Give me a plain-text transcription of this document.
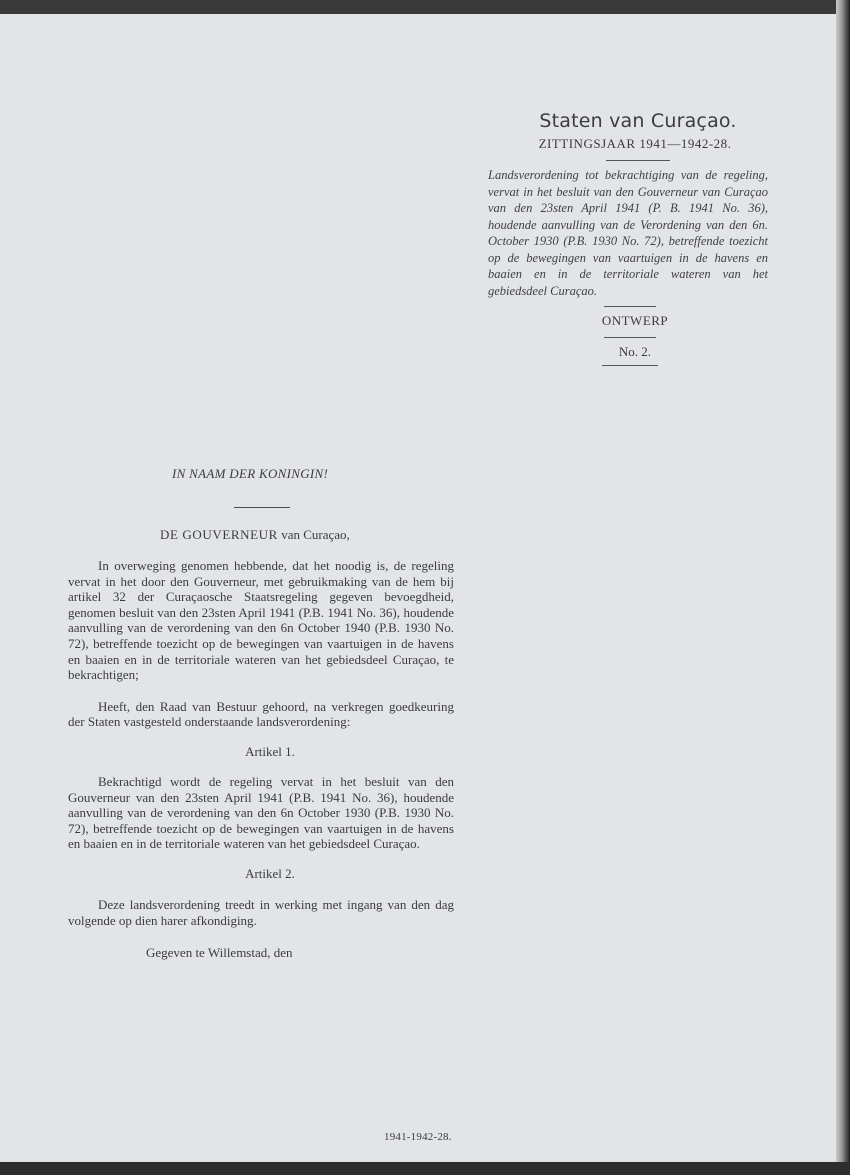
Staten van Curaçao.
ZITTINGSJAAR 1941—1942-28.
Landsverordening tot bekrachtiging van de regeling, vervat in het besluit van den Gouverneur van Curaçao van den 23sten April 1941 (P. B. 1941 No. 36), houdende aanvulling van de Verordening van den 6n. October 1930 (P.B. 1930 No. 72), betreffende toezicht op de bewegingen van vaartuigen in de havens en baaien en in de territoriale wateren van het gebiedsdeel Curaçao.
ONTWERP
No. 2.
IN NAAM DER KONINGIN!
DE GOUVERNEUR van Curaçao,

In overweging genomen hebbende, dat het noodig is, de regeling vervat in het door den Gouverneur, met gebruikmaking van de hem bij artikel 32 der Curaçaosche Staatsregeling gegeven bevoegdheid, genomen besluit van den 23sten April 1941 (P.B. 1941 No. 36), houdende aanvulling van de verordening van den 6n October 1940 (P.B. 1930 No. 72), betreffende toezicht op de bewegingen van vaartuigen in de havens en baaien en in de territoriale wateren van het gebiedsdeel Curaçao, te bekrachtigen;

Heeft, den Raad van Bestuur gehoord, na verkregen goedkeuring der Staten vastgesteld onderstaande landsverordening:

Artikel 1.

Bekrachtigd wordt de regeling vervat in het besluit van den Gouverneur van den 23sten April 1941 (P.B. 1941 No. 36), houdende aanvulling van de verordening van den 6n October 1930 (P.B. 1930 No. 72), betreffende toezicht op de bewegingen van vaartuigen in de havens en baaien en in de territoriale wateren van het gebiedsdeel Curaçao.

Artikel 2.

Deze landsverordening treedt in werking met ingang van den dag volgende op dien harer afkondiging.

Gegeven te Willemstad, den
1941-1942-28.
